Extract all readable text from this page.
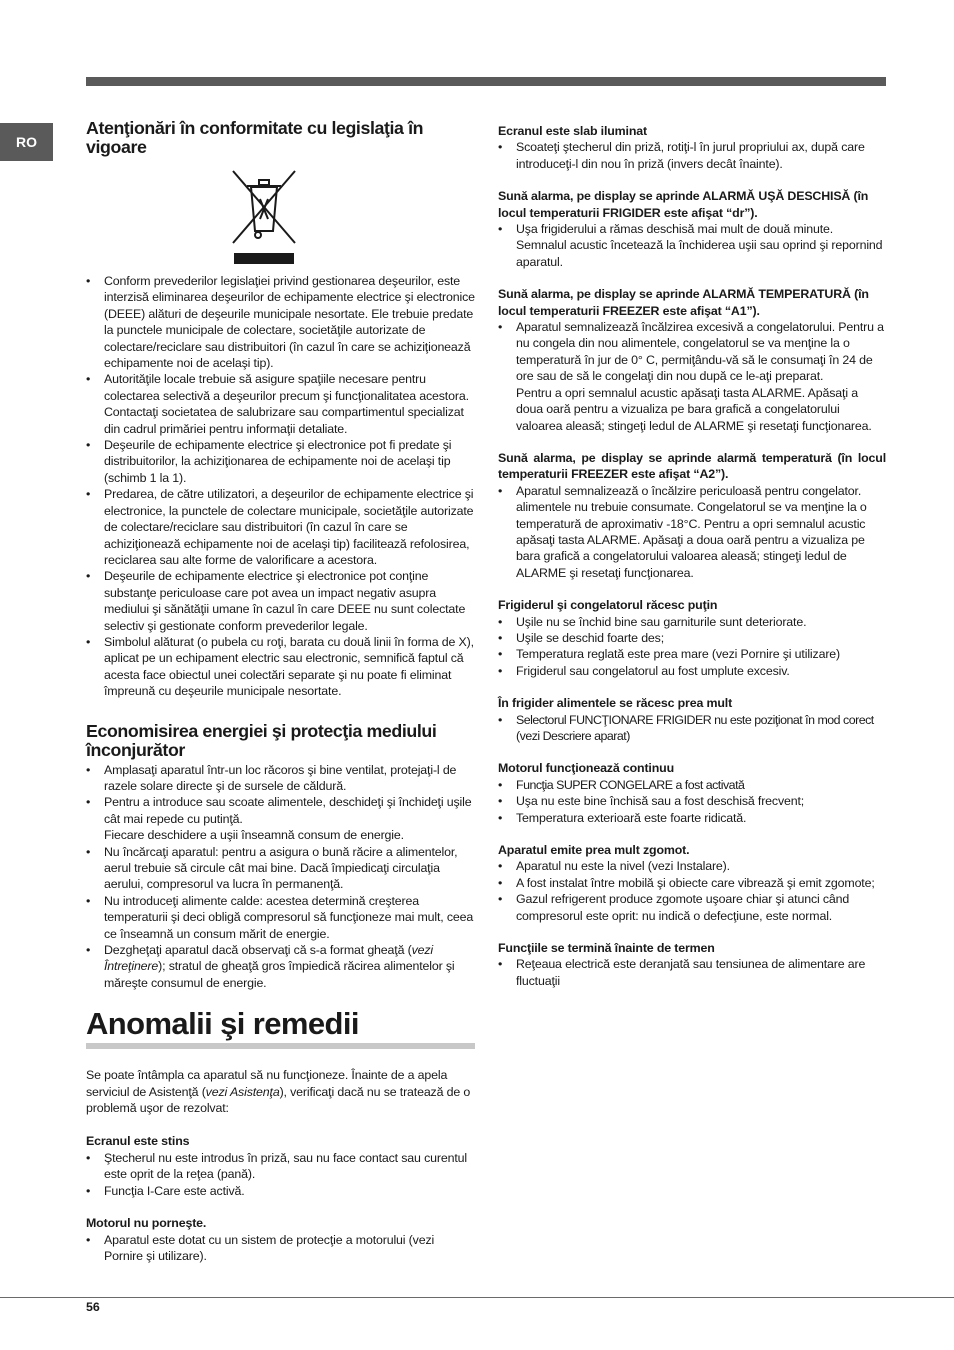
RO
Atenţionări în conformitate cu legislaţia în vigoare
• Conform prevederilor legislaţiei privind gestionarea deşeurilor, este interzisă eliminarea deşeurilor de echipamente electrice şi electronice (DEEE) alături de deşeurile municipale nesortate. Ele trebuie predate la punctele municipale de colectare, societăţile autorizate de colectare/reciclare sau distribuitori (în cazul în care se achiziţionează echipamente noi de acelaşi tip).
• Autorităţile locale trebuie să asigure spaţiile necesare pentru colectarea selectivă a deşeurilor precum şi funcţionalitatea acestora. Contactaţi societatea de salubrizare sau compartimentul specializat din cadrul primăriei pentru informaţii detaliate.
• Deşeurile de echipamente electrice şi electronice pot fi predate şi distribuitorilor, la achiziţionarea de echipamente noi de acelaşi tip (schimb 1 la 1).
• Predarea, de către utilizatori, a deşeurilor de echipamente electrice şi electronice, la punctele de colectare municipale, societăţile autorizate de colectare/reciclare sau distribuitori (în cazul în care se achiziţionează echipamente noi de acelaşi tip) facilitează refolosirea, reciclarea sau alte forme de valorificare a acestora.
• Deşeurile de echipamente electrice şi electronice pot conţine substanţe periculoase care pot avea un impact negativ asupra mediului şi sănătăţii umane în cazul în care DEEE nu sunt colectate selectiv şi gestionate conform prevederilor legale.
• Simbolul alăturat (o pubela cu roţi, barata cu două linii în forma de X), aplicat pe un echipament electric sau electronic, semnifică faptul că acesta face obiectul unei colectări separate şi nu poate fi eliminat împreună cu deşeurile municipale nesortate.
Economisirea energiei şi protecţia mediului înconjurător
• Amplasaţi aparatul într-un loc răcoros şi bine ventilat, protejaţi-l de razele solare directe şi de sursele de căldură.
• Pentru a introduce sau scoate alimentele, deschideţi şi închideţi uşile cât mai repede cu putinţă.
Fiecare deschidere a uşii înseamnă consum de energie.
• Nu încărcaţi aparatul: pentru a asigura o bună răcire a alimentelor, aerul trebuie să circule cât mai bine. Dacă împiedicaţi circulaţia aerului, compresorul va lucra în permanenţă.
• Nu introduceţi alimente calde: acestea determină creşterea temperaturii şi deci obligă compresorul să funcţioneze mai mult, ceea ce înseamnă un consum mărit de energie.
• Dezgheţaţi aparatul dacă observaţi că s-a format gheaţă (vezi Întreţinere); stratul de gheaţă gros împiedică răcirea alimentelor şi măreşte consumul de energie.
Anomalii şi remedii

Se poate întâmpla ca aparatul să nu funcţioneze. Înainte de a apela serviciul de Asistenţă (vezi Asistenţa), verificaţi dacă nu se tratează de o problemă uşor de rezolvat:

Ecranul este stins
• Ştecherul nu este introdus în priză, sau nu face contact sau curentul este oprit de la reţea (pană).
• Funcţia I-Care este activă.
Motorul nu porneşte.
• Aparatul este dotat cu un sistem de protecţie a motorului (vezi Pornire şi utilizare).
Ecranul este slab iluminat
• Scoateţi ştecherul din priză, rotiţi-l în jurul propriului ax, după care introduceţi-l din nou în priză (invers decât înainte).
Sună alarma, pe display se aprinde ALARMĂ UŞĂ DESCHISĂ (în locul temperaturii FRIGIDER este afişat “dr”).
• Uşa frigiderului a rămas deschisă mai mult de două minute. Semnalul acustic încetează la închiderea uşii sau oprind şi repornind aparatul.
Sună alarma, pe display se aprinde ALARMĂ TEMPERATURĂ (în locul temperaturii FREEZER este afişat “A1”).
• Aparatul semnalizează încălzirea excesivă a congelatorului. Pentru a nu congela din nou alimentele, congelatorul se va menţine la o temperatură în jur de 0° C, permiţându-vă să le consumaţi în 24 de ore sau de să le congelaţi din nou după ce le-aţi preparat.
Pentru a opri semnalul acustic apăsaţi tasta ALARME. Apăsaţi a doua oară pentru a vizualiza pe bara grafică a congelatorului valoarea aleasă; stingeţi ledul de ALARME şi resetaţi funcţionarea.
Sună alarma, pe display se aprinde alarmă temperatură (în locul temperaturii FREEZER este afişat “A2”).
• Aparatul semnalizează o încălzire periculoasă pentru congelator. alimentele nu trebuie consumate. Congelatorul se va menţine la o temperatură de aproximativ -18°C. Pentru a opri semnalul acustic apăsaţi tasta ALARME. Apăsaţi a doua oară pentru a vizualiza pe bara grafică a congelatorului valoarea aleasă; stingeţi ledul de ALARME şi resetaţi funcţionarea.
Frigiderul şi congelatorul răcesc puţin
• Uşile nu se închid bine sau garniturile sunt deteriorate.
• Uşile se deschid foarte des;
• Temperatura reglată este prea mare (vezi Pornire şi utilizare)
• Frigiderul sau congelatorul au fost umplute excesiv.
În frigider alimentele se răcesc prea mult
• Selectorul FUNCŢIONARE FRIGIDER nu este poziţionat în mod corect (vezi Descriere aparat)
Motorul funcţionează continuu
• Funcţia SUPER CONGELARE a fost activată
• Uşa nu este bine închisă sau a fost deschisă frecvent;
• Temperatura exterioară este foarte ridicată.
Aparatul emite prea mult zgomot.
• Aparatul nu este la nivel (vezi Instalare).
• A fost instalat între mobilă şi obiecte care vibrează şi emit zgomote;
• Gazul refrigerent produce zgomote uşoare chiar şi atunci când compresorul este oprit: nu indică o defecţiune, este normal.
Funcţiile se termină înainte de termen
• Reţeaua electrică este deranjată sau tensiunea de alimentare are fluctuaţii
56
